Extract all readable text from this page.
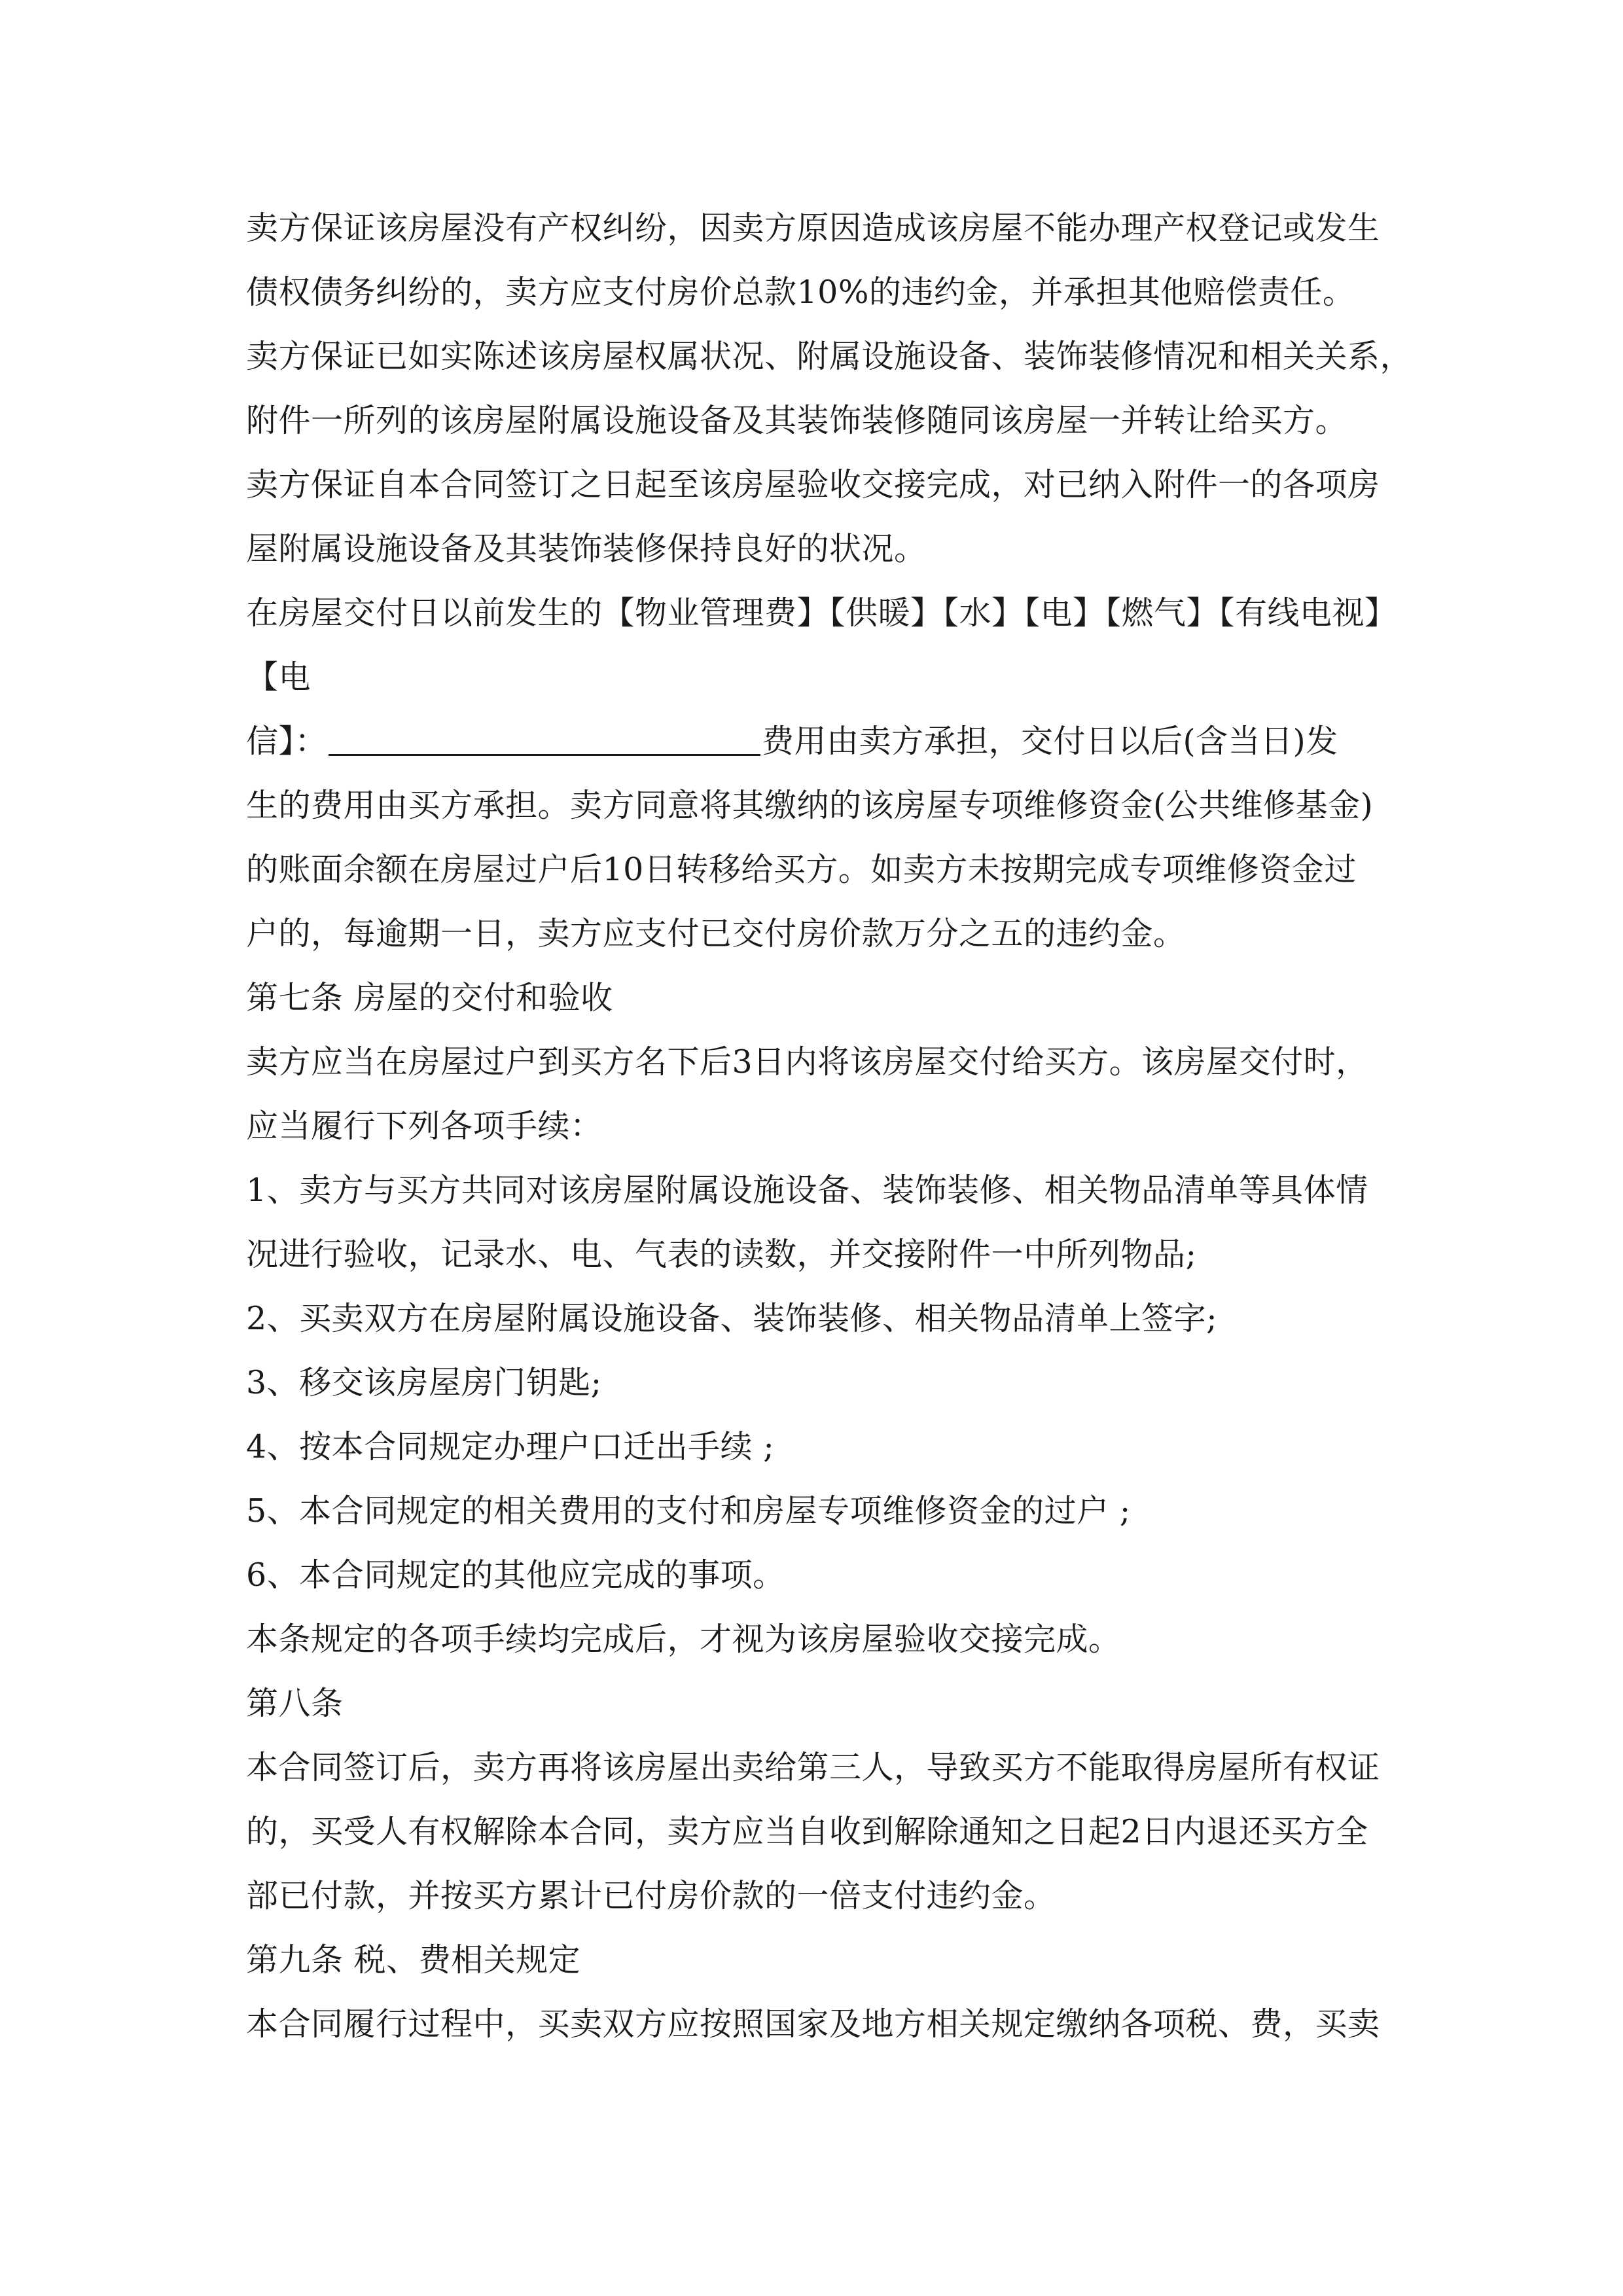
卖方保证该房屋没有产权纠纷，因卖方原因造成该房屋不能办理产权登记或发生
债权债务纠纷的，卖方应支付房价总款10%的违约金，并承担其他赔偿责任。
卖方保证已如实陈述该房屋权属状况、附属设施设备、装饰装修情况和相关关系，
附件一所列的该房屋附属设施设备及其装饰装修随同该房屋一并转让给买方。
卖方保证自本合同签订之日起至该房屋验收交接完成，对已纳入附件一的各项房
屋附属设施设备及其装饰装修保持良好的状况。
在房屋交付日以前发生的【物业管理费】【供暖】【水】【电】【燃气】【有线电视】
【电
信】：	费用由卖方承担，交付日以后(含当日)发
生的费用由买方承担。卖方同意将其缴纳的该房屋专项维修资金(公共维修基金)
的账面余额在房屋过户后10日转移给买方。如卖方未按期完成专项维修资金过
户的，每逾期一日，卖方应支付已交付房价款万分之五的违约金。
第七条 房屋的交付和验收
卖方应当在房屋过户到买方名下后3日内将该房屋交付给买方。该房屋交付时，
应当履行下列各项手续：
1、卖方与买方共同对该房屋附属设施设备、装饰装修、相关物品清单等具体情
况进行验收，记录水、电、气表的读数，并交接附件一中所列物品;
2、买卖双方在房屋附属设施设备、装饰装修、相关物品清单上签字;
3、移交该房屋房门钥匙;
4、按本合同规定办理户口迁出手续 ;
5、本合同规定的相关费用的支付和房屋专项维修资金的过户 ;
6、本合同规定的其他应完成的事项。
本条规定的各项手续均完成后，才视为该房屋验收交接完成。
第八条
本合同签订后，卖方再将该房屋出卖给第三人，导致买方不能取得房屋所有权证
的，买受人有权解除本合同，卖方应当自收到解除通知之日起2日内退还买方全
部已付款，并按买方累计已付房价款的一倍支付违约金。
第九条 税、费相关规定
本合同履行过程中，买卖双方应按照国家及地方相关规定缴纳各项税、费，买卖
